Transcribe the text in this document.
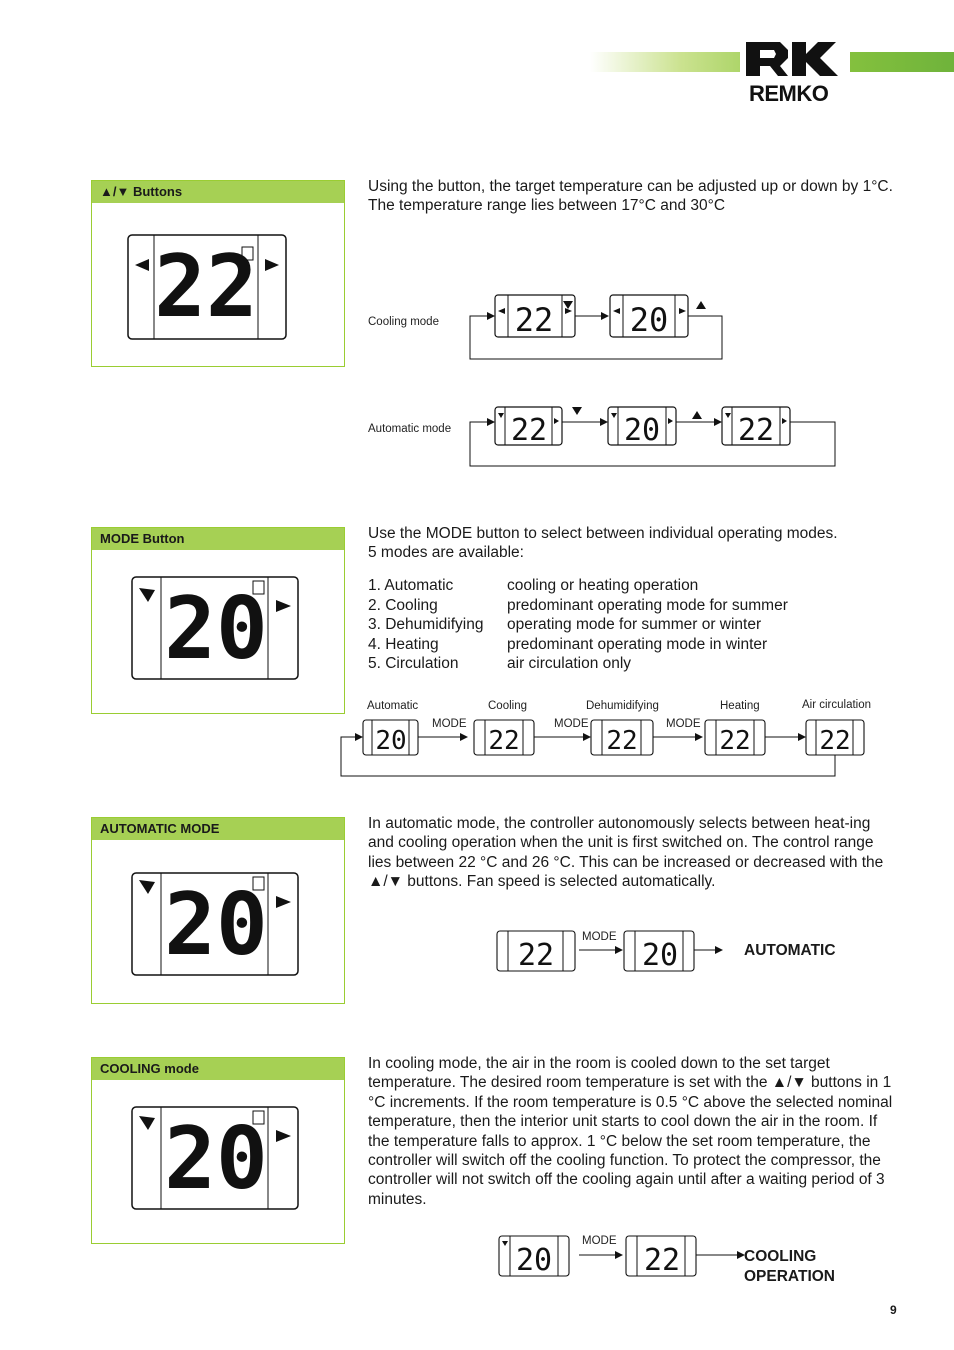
REMKO
▲/▼ Buttons
22
Using the button, the target temperature can be adjusted up or down by 1°C. The temperature range lies between 17°C and 30°C
Cooling mode
Automatic mode
22 20
22	20	22
MODE Button
20
Use the MODE button to select between individual operating modes.
5 modes are available:
1. Automatic	cooling or heating operation
2. Cooling	predominant operating mode for summer
3. Dehumidifying	operating mode for summer or winter
4. Heating	predominant operating mode in winter
5. Circulation	air circulation only
Automatic	Cooling	Dehumidifying	Heating	Air circulation
MODE	MODE	MODE
20	22	22	22	22
AUTOMATIC MODE
20
In automatic mode, the controller autonomously selects between heat-ing and cooling operation when the unit is first switched on. The control range lies between 22 °C and 26 °C. This can be increased or decreased with the ▲/▼ buttons. Fan speed is selected automatically.
MODE
22	20	AUTOMATIC
COOLING mode
20
In cooling mode, the air in the room is cooled down to the set target temperature. The desired room temperature is set with the ▲/▼ buttons in 1 °C increments. If the room temperature is 0.5 °C above the selected nominal temperature, then the interior unit starts to cool down the air in the room. If the temperature falls to approx. 1 °C below the set room temperature, the controller will switch off the cooling function. To protect the compressor, the controller will not switch off the cooling again until after a waiting period of 3 minutes.
MODE
20	22	COOLING
OPERATION
9
